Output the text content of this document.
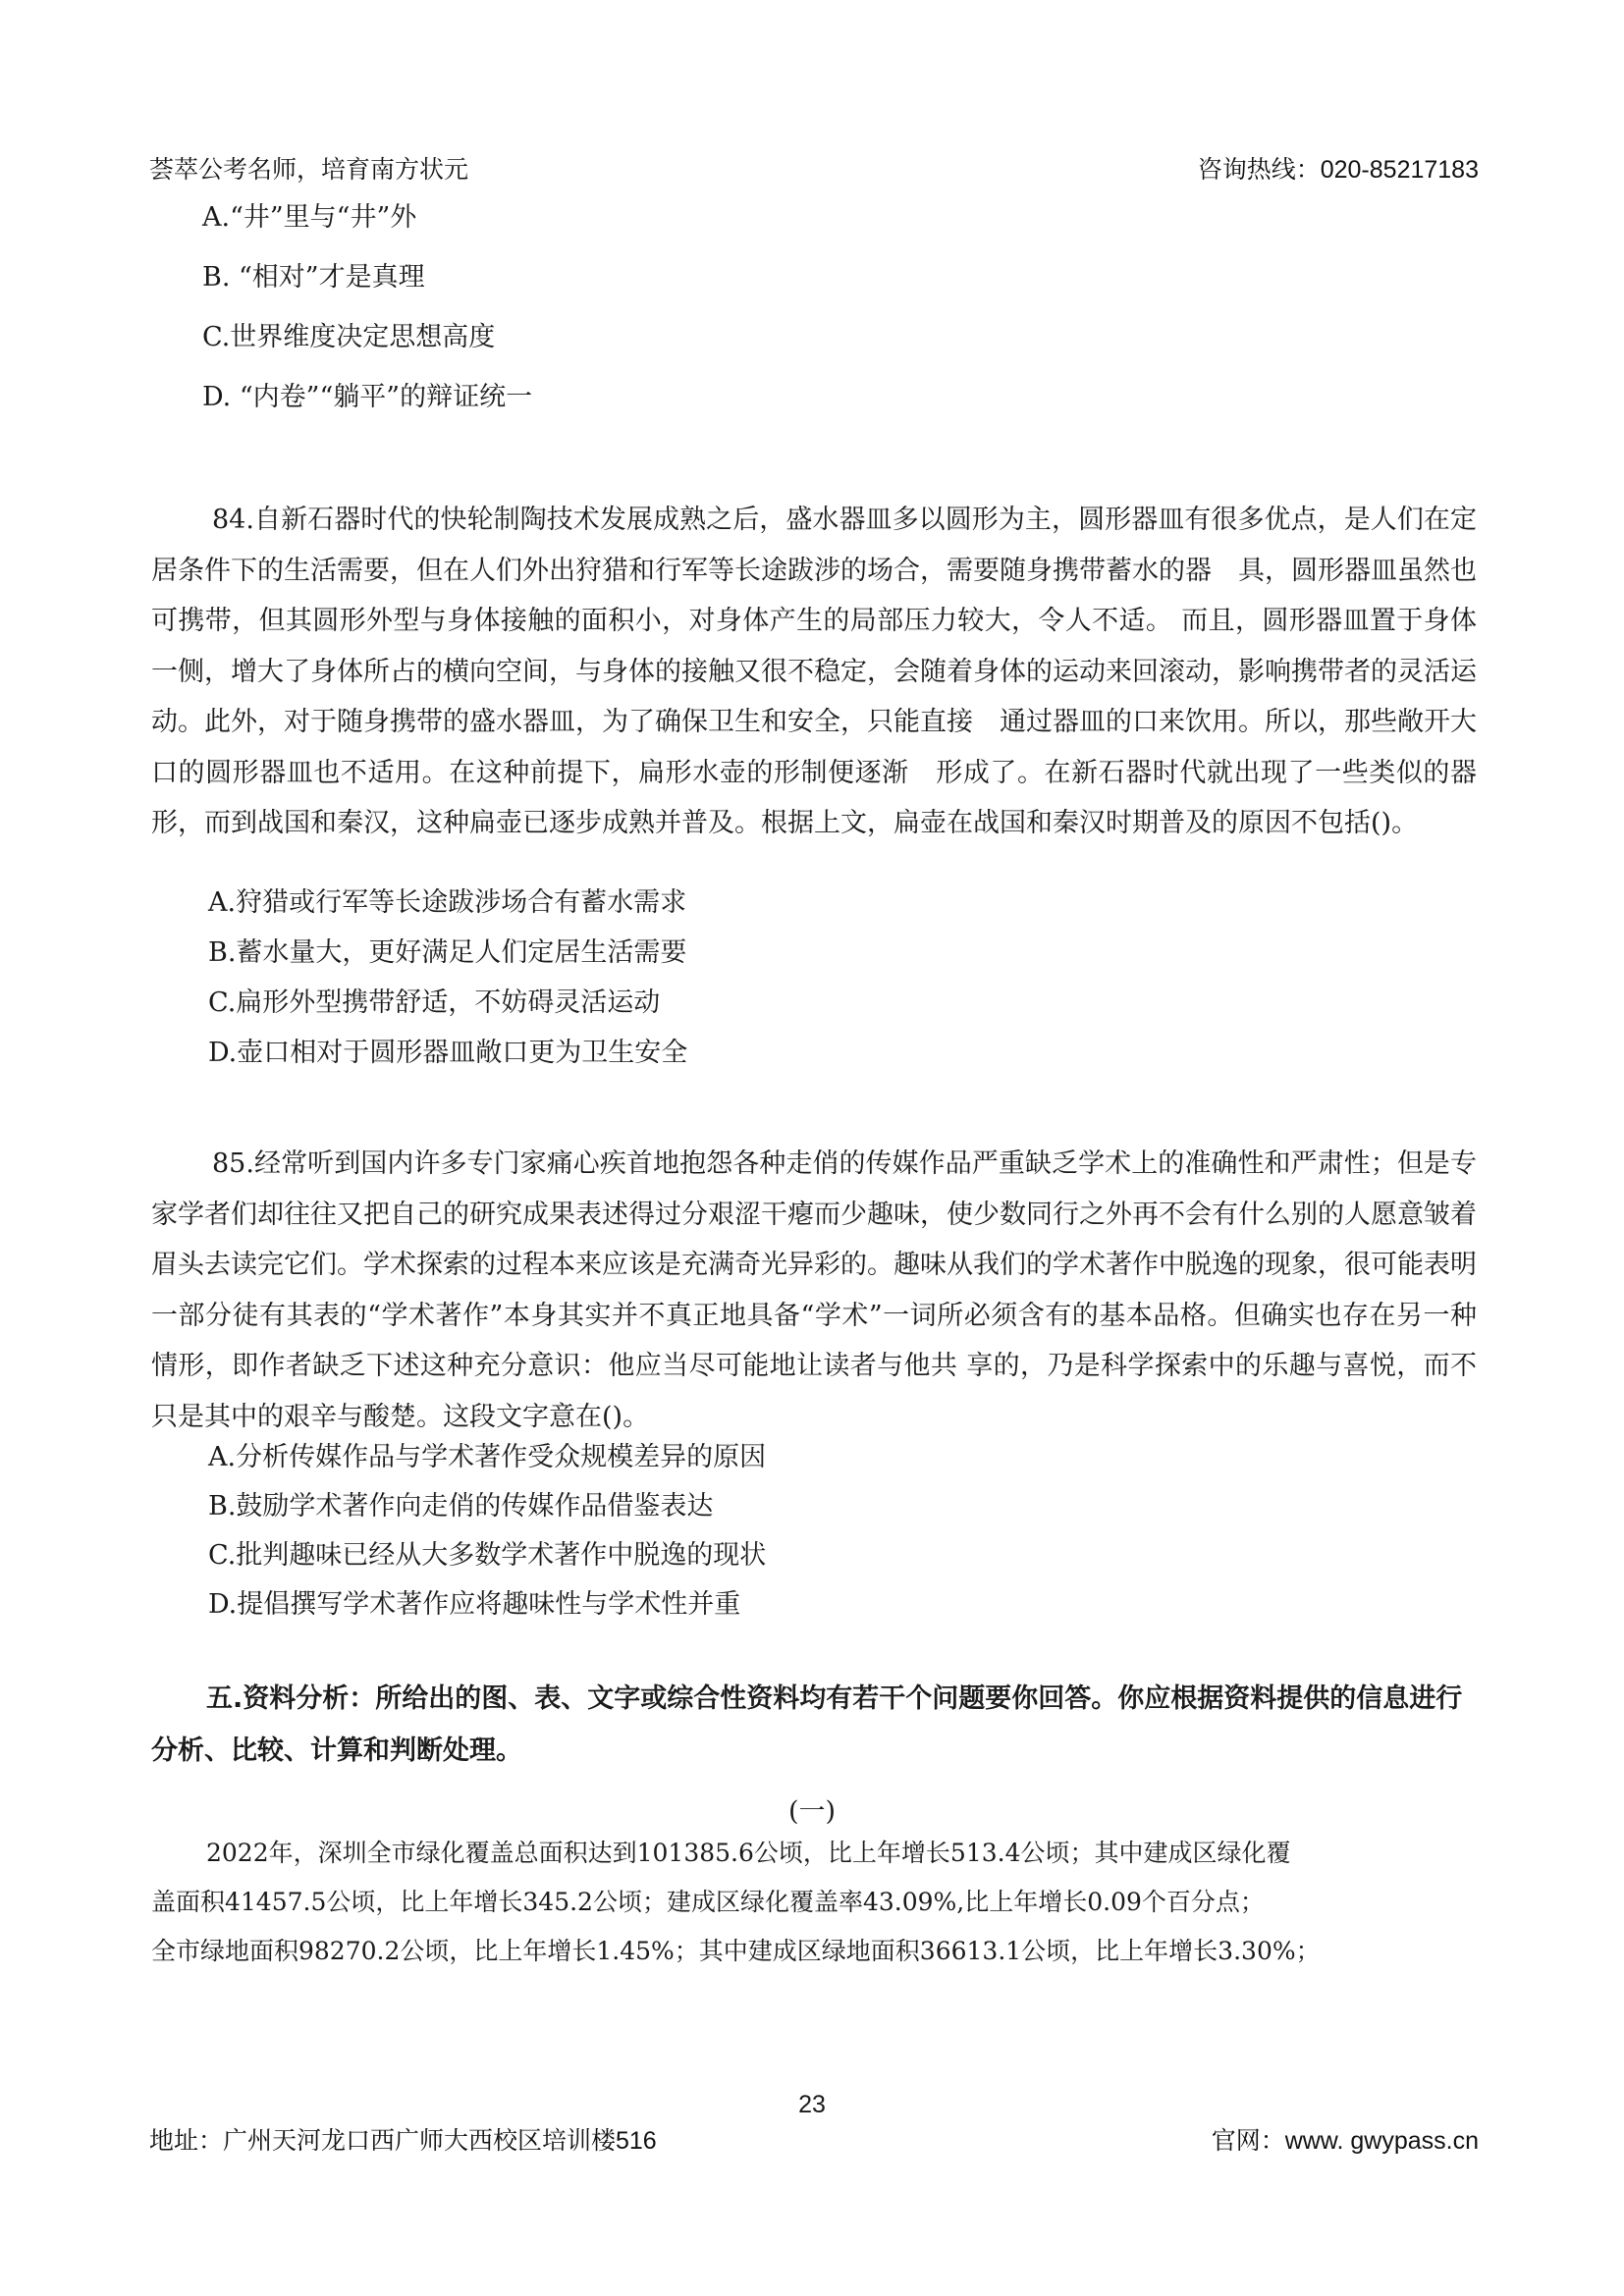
荟萃公考名师，培育南方状元	咨询热线：020-85217183
A.“井”里与“井”外
B. “相对”才是真理
C.世界维度决定思想高度
D. “内卷”“躺平”的辩证统一
84.自新石器时代的快轮制陶技术发展成熟之后，盛水器皿多以圆形为主，圆形器皿有很多优点，是人们在定居条件下的生活需要，但在人们外出狩猎和行军等长途跋涉的场合，需要随身携带蓄水的器　具，圆形器皿虽然也可携带，但其圆形外型与身体接触的面积小，对身体产生的局部压力较大，令人不适。 而且，圆形器皿置于身体一侧，增大了身体所占的横向空间，与身体的接触又很不稳定，会随着身体的运动来回滚动，影响携带者的灵活运动。此外，对于随身携带的盛水器皿，为了确保卫生和安全，只能直接　通过器皿的口来饮用。所以，那些敞开大口的圆形器皿也不适用。在这种前提下，扁形水壶的形制便逐渐　形成了。在新石器时代就出现了一些类似的器形，而到战国和秦汉，这种扁壶已逐步成熟并普及。根据上文，扁壶在战国和秦汉时期普及的原因不包括()。
A.狩猎或行军等长途跋涉场合有蓄水需求
B.蓄水量大，更好满足人们定居生活需要
C.扁形外型携带舒适，不妨碍灵活运动
D.壶口相对于圆形器皿敞口更为卫生安全
85.经常听到国内许多专门家痛心疾首地抱怨各种走俏的传媒作品严重缺乏学术上的准确性和严肃性；但是专家学者们却往往又把自己的研究成果表述得过分艰涩干瘪而少趣味，使少数同行之外再不会有什么别的人愿意皱着眉头去读完它们。学术探索的过程本来应该是充满奇光异彩的。趣味从我们的学术著作中脱逸的现象，很可能表明一部分徒有其表的“学术著作”本身其实并不真正地具备“学术”一词所必须含有的基本品格。但确实也存在另一种情形，即作者缺乏下述这种充分意识：他应当尽可能地让读者与他共 享的，乃是科学探索中的乐趣与喜悦，而不只是其中的艰辛与酸楚。这段文字意在()。
A.分析传媒作品与学术著作受众规模差异的原因
B.鼓励学术著作向走俏的传媒作品借鉴表达
C.批判趣味已经从大多数学术著作中脱逸的现状
D.提倡撰写学术著作应将趣味性与学术性并重
五.资料分析：所给出的图、表、文字或综合性资料均有若干个问题要你回答。你应根据资料提供的信息进行分析、比较、计算和判断处理。
(一)
2022年，深圳全市绿化覆盖总面积达到101385.6公顷，比上年增长513.4公顷；其中建成区绿化覆
盖面积41457.5公顷，比上年增长345.2公顷；建成区绿化覆盖率43.09%,比上年增长0.09个百分点；
全市绿地面积98270.2公顷，比上年增长1.45%；其中建成区绿地面积36613.1公顷，比上年增长3.30%；
23
地址：广州天河龙口西广师大西校区培训楼516	官网：www. gwypass.cn
